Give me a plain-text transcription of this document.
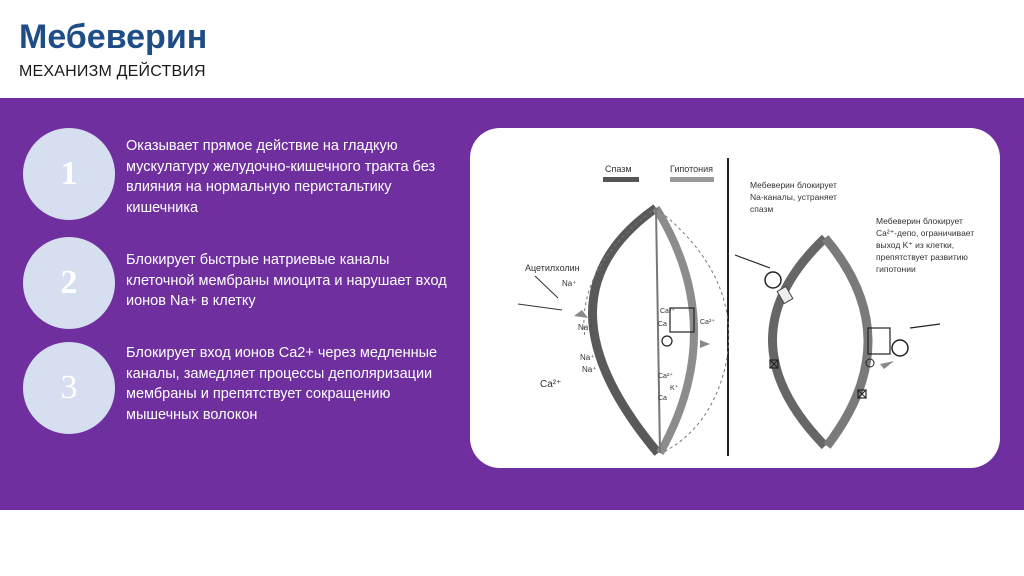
Мебеверин
МЕХАНИЗМ ДЕЙСТВИЯ
1
Оказывает прямое действие на гладкую мускулатуру желудочно-кишечного тракта без влияния на нормальную перистальтику кишечника
2
Блокирует быстрые натриевые каналы клеточной мембраны миоцита и нарушает вход ионов Na+ в клетку
3
Блокирует вход ионов Ca2+ через медленные каналы, замедляет процессы деполяризации мембраны и препятствует сокращению мышечных волокон
Спазм	Гипотония
Ацетилхолин
Na⁺
Na⁺
Na⁺
Na⁺
Ca²⁺
Ca²⁺
Ca	Ca²⁺
Ca²⁺
K⁺
Ca
Мебеверин блокирует
Na-каналы, устраняет
спазм
Мебеверин блокирует
Ca²⁺-депо, ограничивает
выход K⁺ из клетки,
препятствует развитию
гипотонии
